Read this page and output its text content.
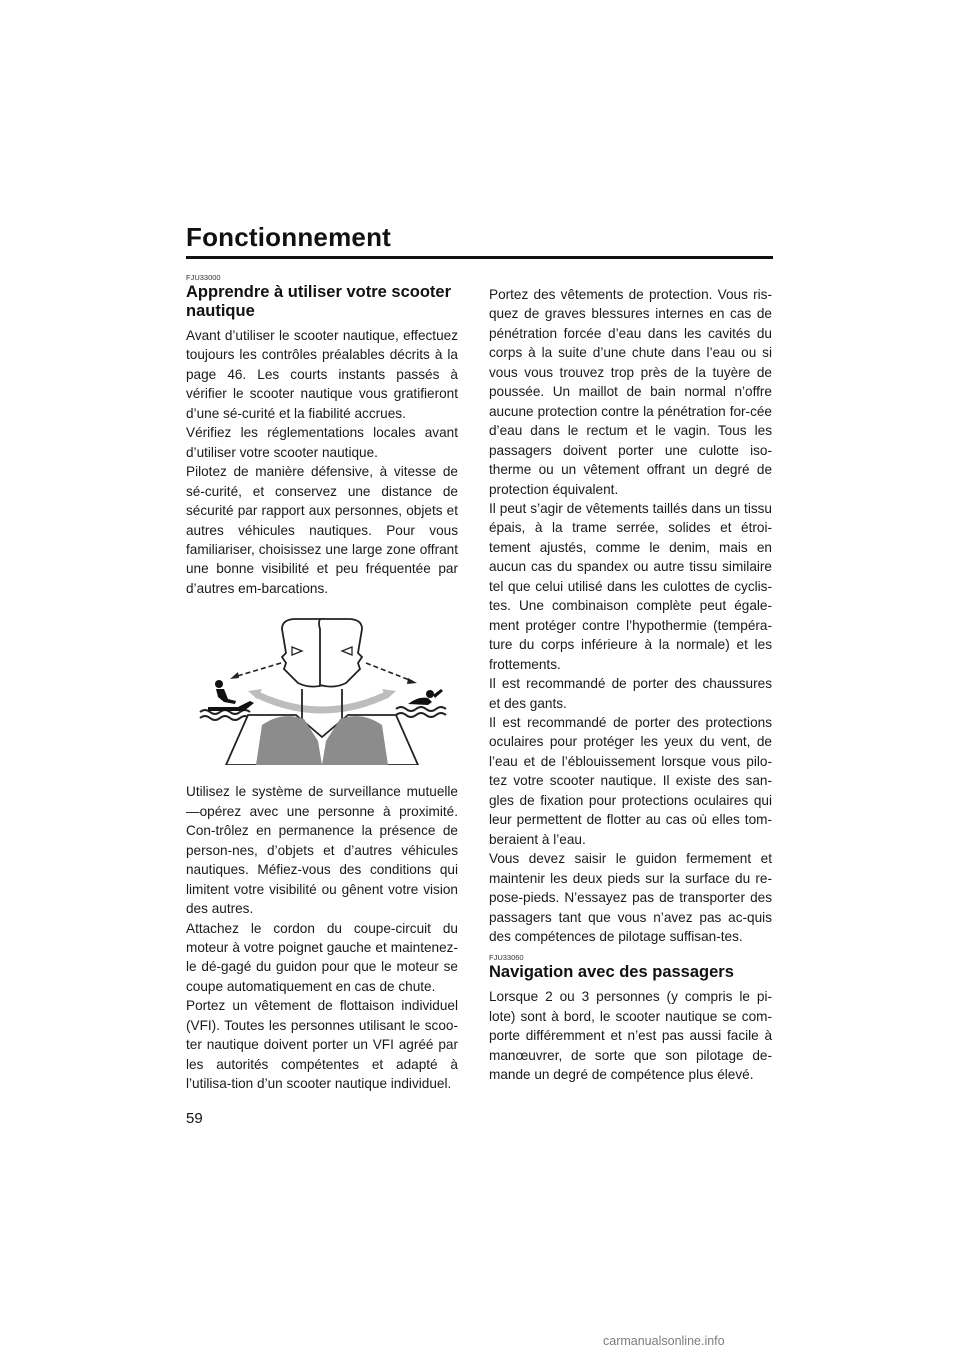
Fonctionnement
FJU33000
Apprendre à utiliser votre scooter nautique

Avant d’utiliser le scooter nautique, effectuez toujours les contrôles préalables décrits à la page 46. Les courts instants passés à vérifier le scooter nautique vous gratifieront d’une sé-curité et la fiabilité accrues.

Vérifiez les réglementations locales avant d’utiliser votre scooter nautique.

Pilotez de manière défensive, à vitesse de sé-curité, et conservez une distance de sécurité par rapport aux personnes, objets et autres véhicules nautiques. Pour vous familiariser, choisissez une large zone offrant une bonne visibilité et peu fréquentée par d’autres em-barcations.

Utilisez le système de surveillance mutuelle—opérez avec une personne à proximité. Con-trôlez en permanence la présence de person-nes, d’objets et d’autres véhicules nautiques. Méfiez-vous des conditions qui limitent votre visibilité ou gênent votre vision des autres.

Attachez le cordon du coupe-circuit du moteur à votre poignet gauche et maintenez-le dé-gagé du guidon pour que le moteur se coupe automatiquement en cas de chute.

Portez un vêtement de flottaison individuel (VFI). Toutes les personnes utilisant le scoo-ter nautique doivent porter un VFI agréé par les autorités compétentes et adapté à l’utilisa-tion d’un scooter nautique individuel.

Portez des vêtements de protection. Vous ris-quez de graves blessures internes en cas de pénétration forcée d’eau dans les cavités du corps à la suite d’une chute dans l’eau ou si vous vous trouvez trop près de la tuyère de poussée. Un maillot de bain normal n’offre aucune protection contre la pénétration for-cée d’eau dans le rectum et le vagin. Tous les passagers doivent porter une culotte iso-therme ou un vêtement offrant un degré de protection équivalent.

Il peut s’agir de vêtements taillés dans un tissu épais, à la trame serrée, solides et étroi-tement ajustés, comme le denim, mais en aucun cas du spandex ou autre tissu similaire tel que celui utilisé dans les culottes de cyclis-tes. Une combinaison complète peut égale-ment protéger contre l’hypothermie (tempéra-ture du corps inférieure à la normale) et les frottements.

Il est recommandé de porter des chaussures et des gants.

Il est recommandé de porter des protections oculaires pour protéger les yeux du vent, de l’eau et de l’éblouissement lorsque vous pilo-tez votre scooter nautique. Il existe des san-gles de fixation pour protections oculaires qui leur permettent de flotter au cas où elles tom-beraient à l’eau.

Vous devez saisir le guidon fermement et maintenir les deux pieds sur la surface du re-pose-pieds. N’essayez pas de transporter des passagers tant que vous n’avez pas ac-quis des compétences de pilotage suffisan-tes.

FJU33060
Navigation avec des passagers

Lorsque 2 ou 3 personnes (y compris le pi-lote) sont à bord, le scooter nautique se com-porte différemment et n’est pas aussi facile à manœuvrer, de sorte que son pilotage de-mande un degré de compétence plus élevé.

59
carmanualsonline.info
